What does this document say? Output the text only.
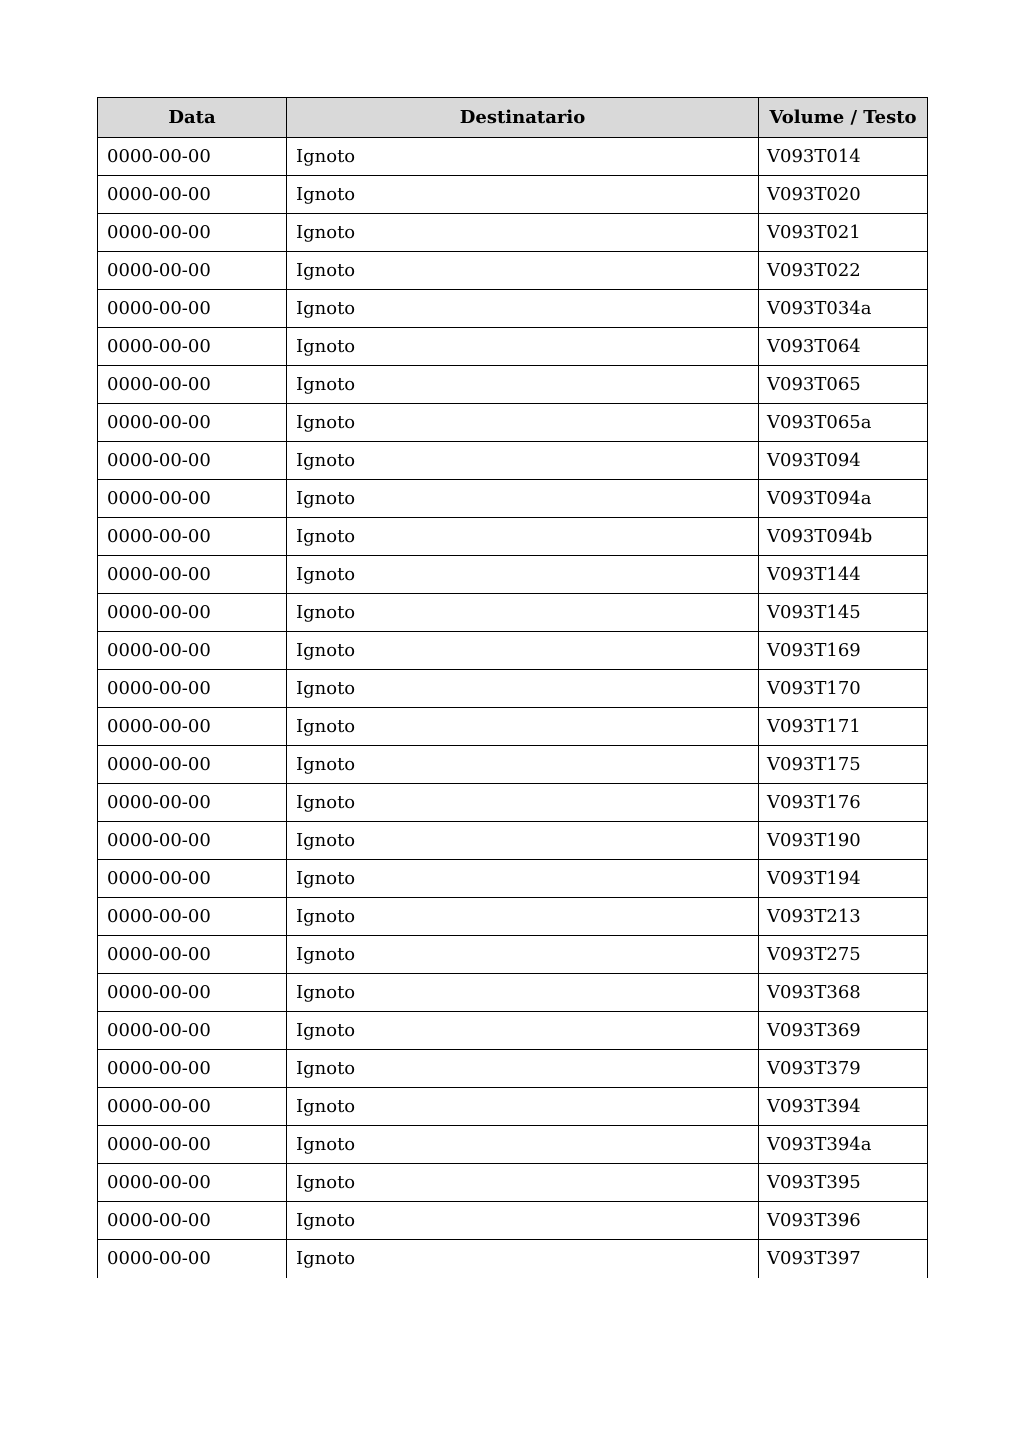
Data	Destinatario	Volume / Testo
0000-00-00	Ignoto	V093T014
0000-00-00	Ignoto	V093T020
0000-00-00	Ignoto	V093T021
0000-00-00	Ignoto	V093T022
0000-00-00	Ignoto	V093T034a
0000-00-00	Ignoto	V093T064
0000-00-00	Ignoto	V093T065
0000-00-00	Ignoto	V093T065a
0000-00-00	Ignoto	V093T094
0000-00-00	Ignoto	V093T094a
0000-00-00	Ignoto	V093T094b
0000-00-00	Ignoto	V093T144
0000-00-00	Ignoto	V093T145
0000-00-00	Ignoto	V093T169
0000-00-00	Ignoto	V093T170
0000-00-00	Ignoto	V093T171
0000-00-00	Ignoto	V093T175
0000-00-00	Ignoto	V093T176
0000-00-00	Ignoto	V093T190
0000-00-00	Ignoto	V093T194
0000-00-00	Ignoto	V093T213
0000-00-00	Ignoto	V093T275
0000-00-00	Ignoto	V093T368
0000-00-00	Ignoto	V093T369
0000-00-00	Ignoto	V093T379
0000-00-00	Ignoto	V093T394
0000-00-00	Ignoto	V093T394a
0000-00-00	Ignoto	V093T395
0000-00-00	Ignoto	V093T396
0000-00-00	Ignoto	V093T397
